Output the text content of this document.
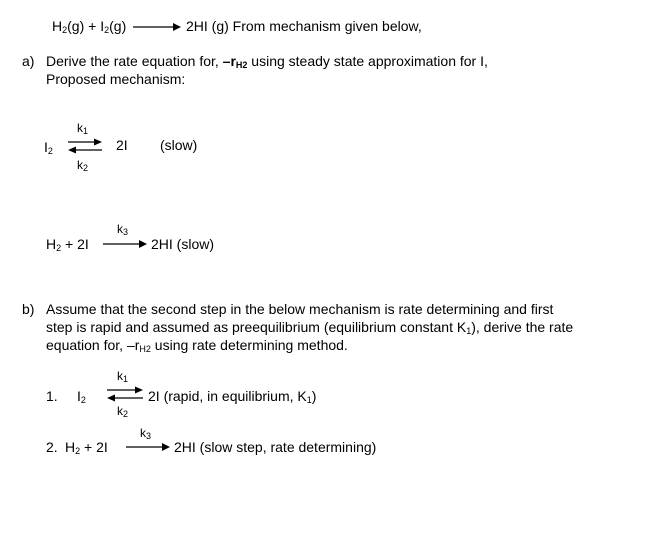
$H_2(g) + I_2(g)$	2HI (g) From mechanism given below,
a) Derive the rate equation for, $-r_{H2}$ using steady state approximation for I,
Proposed mechanism:
$I_2$
$k_1$
$k_2$
2I (slow)
$H_2 + 2I$
$k_3$
2HI (slow)
b) Assume that the second step in the below mechanism is rate determining and first
step is rapid and assumed as preequilibrium (equilibrium constant $K_1$), derive the rate
equation for, $-r_{H2}$ using rate determining method.
1. $I_2$
$k_1$
$k_2$
2I (rapid, in equilibrium, $K_1$)
2. $H_2 + 2I$
$k_3$
2HI (slow step, rate determining)
